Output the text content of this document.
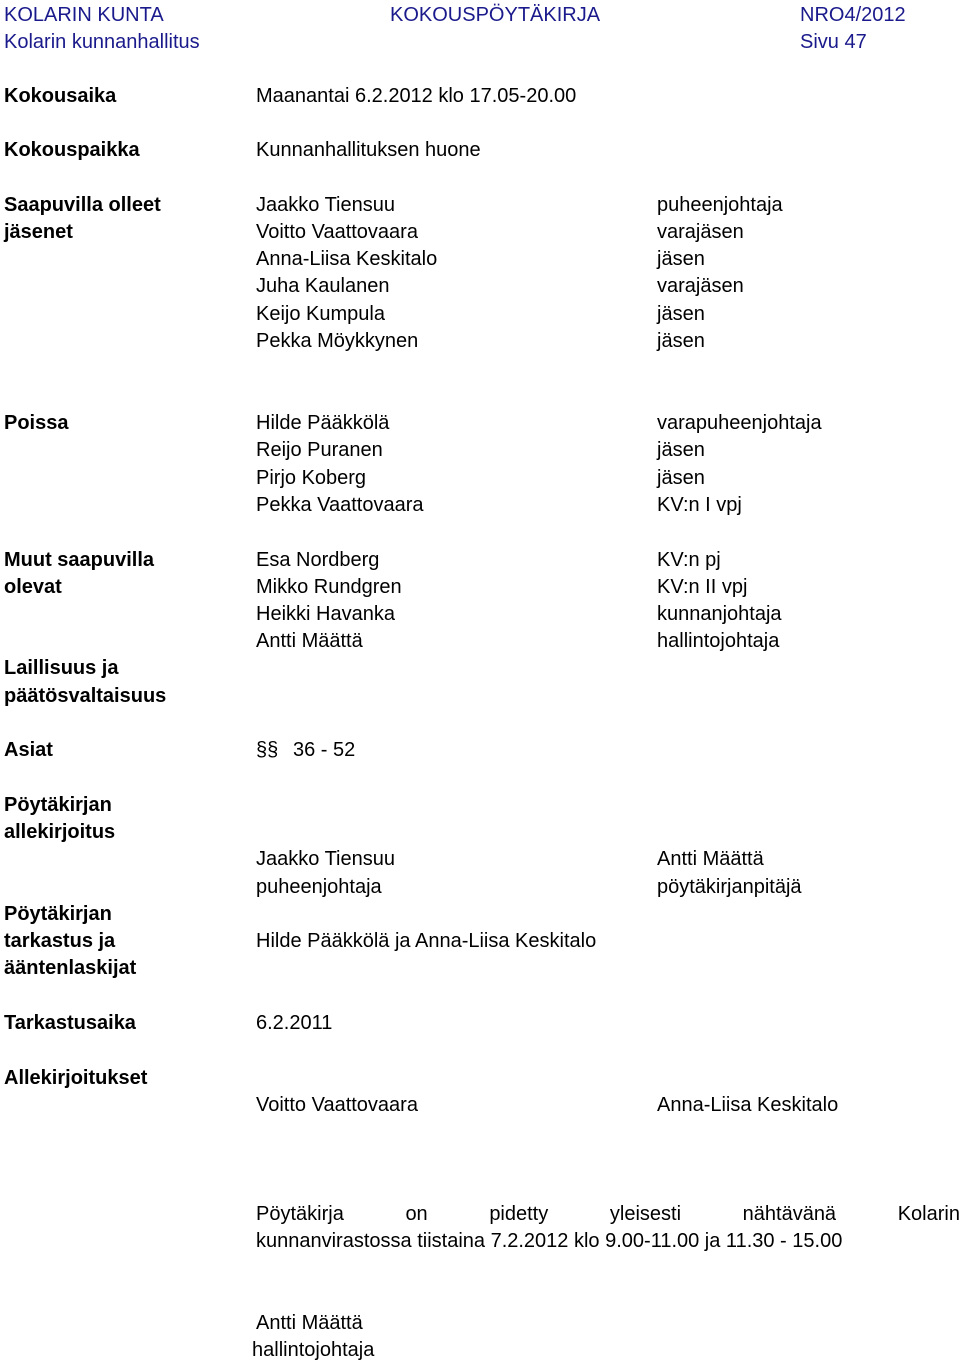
KOLARIN KUNTA	KOKOUSPÖYTÄKIRJA	NRO4/2012
Kolarin kunnanhallitus	Sivu 47
Kokousaika	Maanantai 6.2.2012 klo 17.05-20.00
Kokouspaikka	Kunnanhallituksen huone
Saapuvilla olleet
jäsenet
Jaakko Tiensuu	puheenjohtaja
Voitto Vaattovaara	varajäsen
Anna-Liisa Keskitalo	jäsen
Juha Kaulanen	varajäsen
Keijo Kumpula	jäsen
Pekka Möykkynen	jäsen
Poissa	Hilde Pääkkölä	varapuheenjohtaja
Reijo Puranen	jäsen
Pirjo Koberg	jäsen
Pekka Vaattovaara	KV:n I vpj
Muut saapuvilla
olevat
Esa Nordberg	KV:n pj
Mikko Rundgren	KV:n II vpj
Heikki Havanka	kunnanjohtaja
Antti Määttä	hallintojohtaja
Laillisuus ja
päätösvaltaisuus
Asiat	§§ 36 - 52
Pöytäkirjan
allekirjoitus
Jaakko Tiensuu	Antti Määttä
puheenjohtaja	pöytäkirjanpitäjä
Pöytäkirjan
tarkastus ja
ääntenlaskijat
Hilde Pääkkölä ja Anna-Liisa Keskitalo
Tarkastusaika	6.2.2011
Allekirjoitukset
Voitto Vaattovaara	Anna-Liisa Keskitalo
Pöytäkirja	on	pidetty	yleisesti	nähtävänä	Kolarin
kunnanvirastossa tiistaina 7.2.2012 klo 9.00-11.00 ja 11.30 - 15.00
Antti Määttä
hallintojohtaja
